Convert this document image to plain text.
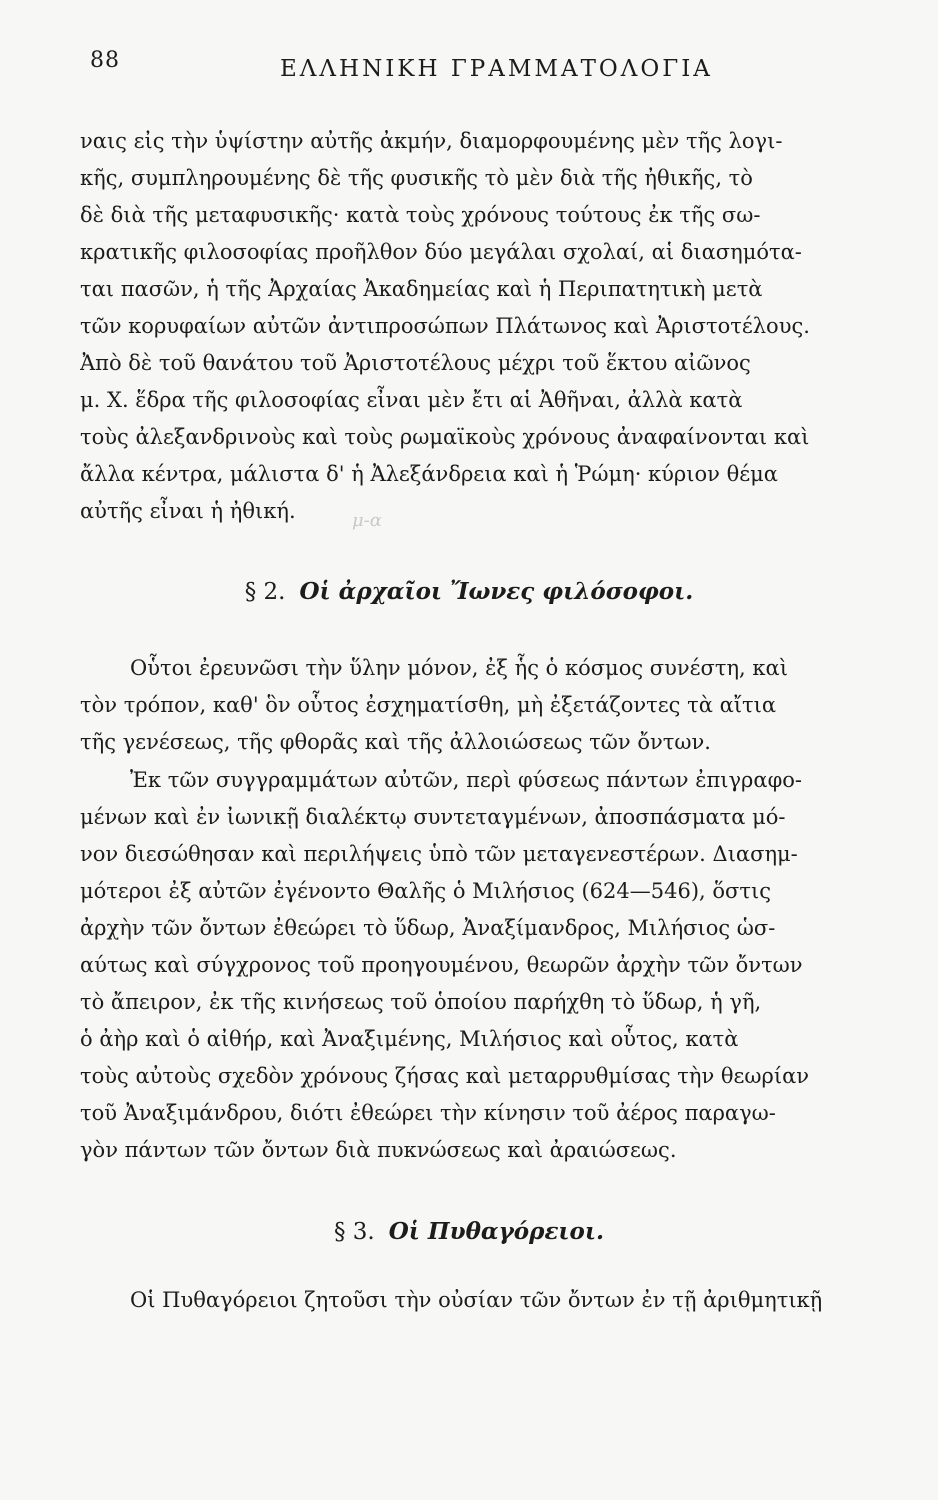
88	ΕΛΛΗΝΙΚΗ ΓΡΑΜΜΑΤΟΛΟΓΙΑ
ναις εἰς τὴν ὑψίστην αὐτῆς ἀκμήν, διαμορφουμένης μὲν τῆς λογι-
κῆς, συμπληρουμένης δὲ τῆς φυσικῆς τὸ μὲν διὰ τῆς ἠθικῆς, τὸ
δὲ διὰ τῆς μεταφυσικῆς· κατὰ τοὺς χρόνους τούτους ἐκ τῆς σω-
κρατικῆς φιλοσοφίας προῆλθον δύο μεγάλαι σχολαί, αἱ διασημότα-
ται πασῶν, ἡ τῆς Ἀρχαίας Ἀκαδημείας καὶ ἡ Περιπατητικὴ μετὰ
τῶν κορυφαίων αὐτῶν ἀντιπροσώπων Πλάτωνος καὶ Ἀριστοτέλους.
Ἀπὸ δὲ τοῦ θανάτου τοῦ Ἀριστοτέλους μέχρι τοῦ ἕκτου αἰῶνος
μ. Χ. ἕδρα τῆς φιλοσοφίας εἶναι μὲν ἔτι αἱ Ἀθῆναι, ἀλλὰ κατὰ
τοὺς ἀλεξανδρινοὺς καὶ τοὺς ρωμαϊκοὺς χρόνους ἀναφαίνονται καὶ
ἄλλα κέντρα, μάλιστα δ' ἡ Ἀλεξάνδρεια καὶ ἡ Ῥώμη· κύριον θέμα
αὐτῆς εἶναι ἡ ἠθική.	μ-α
§ 2. Οἱ ἀρχαῖοι Ἴωνες φιλόσοφοι.
Οὗτοι ἐρευνῶσι τὴν ὕλην μόνον, ἐξ ἧς ὁ κόσμος συνέστη, καὶ
τὸν τρόπον, καθ' ὃν οὗτος ἐσχηματίσθη, μὴ ἐξετάζοντες τὰ αἴτια
τῆς γενέσεως, τῆς φθορᾶς καὶ τῆς ἀλλοιώσεως τῶν ὄντων.
Ἐκ τῶν συγγραμμάτων αὐτῶν, περὶ φύσεως πάντων ἐπιγραφο-
μένων καὶ ἐν ἰωνικῇ διαλέκτῳ συντεταγμένων, ἀποσπάσματα μό-
νον διεσώθησαν καὶ περιλήψεις ὑπὸ τῶν μεταγενεστέρων. Διασημ-
μότεροι ἐξ αὐτῶν ἐγένοντο Θαλῆς ὁ Μιλήσιος (624—546), ὅστις
ἀρχὴν τῶν ὄντων ἐθεώρει τὸ ὕδωρ, Ἀναξίμανδρος, Μιλήσιος ὡσ-
αύτως καὶ σύγχρονος τοῦ προηγουμένου, θεωρῶν ἀρχὴν τῶν ὄντων
τὸ ἄπειρον, ἐκ τῆς κινήσεως τοῦ ὁποίου παρήχθη τὸ ὕδωρ, ἡ γῆ,
ὁ ἀὴρ καὶ ὁ αἰθήρ, καὶ Ἀναξιμένης, Μιλήσιος καὶ οὗτος, κατὰ
τοὺς αὐτοὺς σχεδὸν χρόνους ζήσας καὶ μεταρρυθμίσας τὴν θεωρίαν
τοῦ Ἀναξιμάνδρου, διότι ἐθεώρει τὴν κίνησιν τοῦ ἀέρος παραγω-
γὸν πάντων τῶν ὄντων διὰ πυκνώσεως καὶ ἀραιώσεως.
§ 3. Οἱ Πυθαγόρειοι.
Οἱ Πυθαγόρειοι ζητοῦσι τὴν οὐσίαν τῶν ὄντων ἐν τῇ ἀριθμητικῇ
